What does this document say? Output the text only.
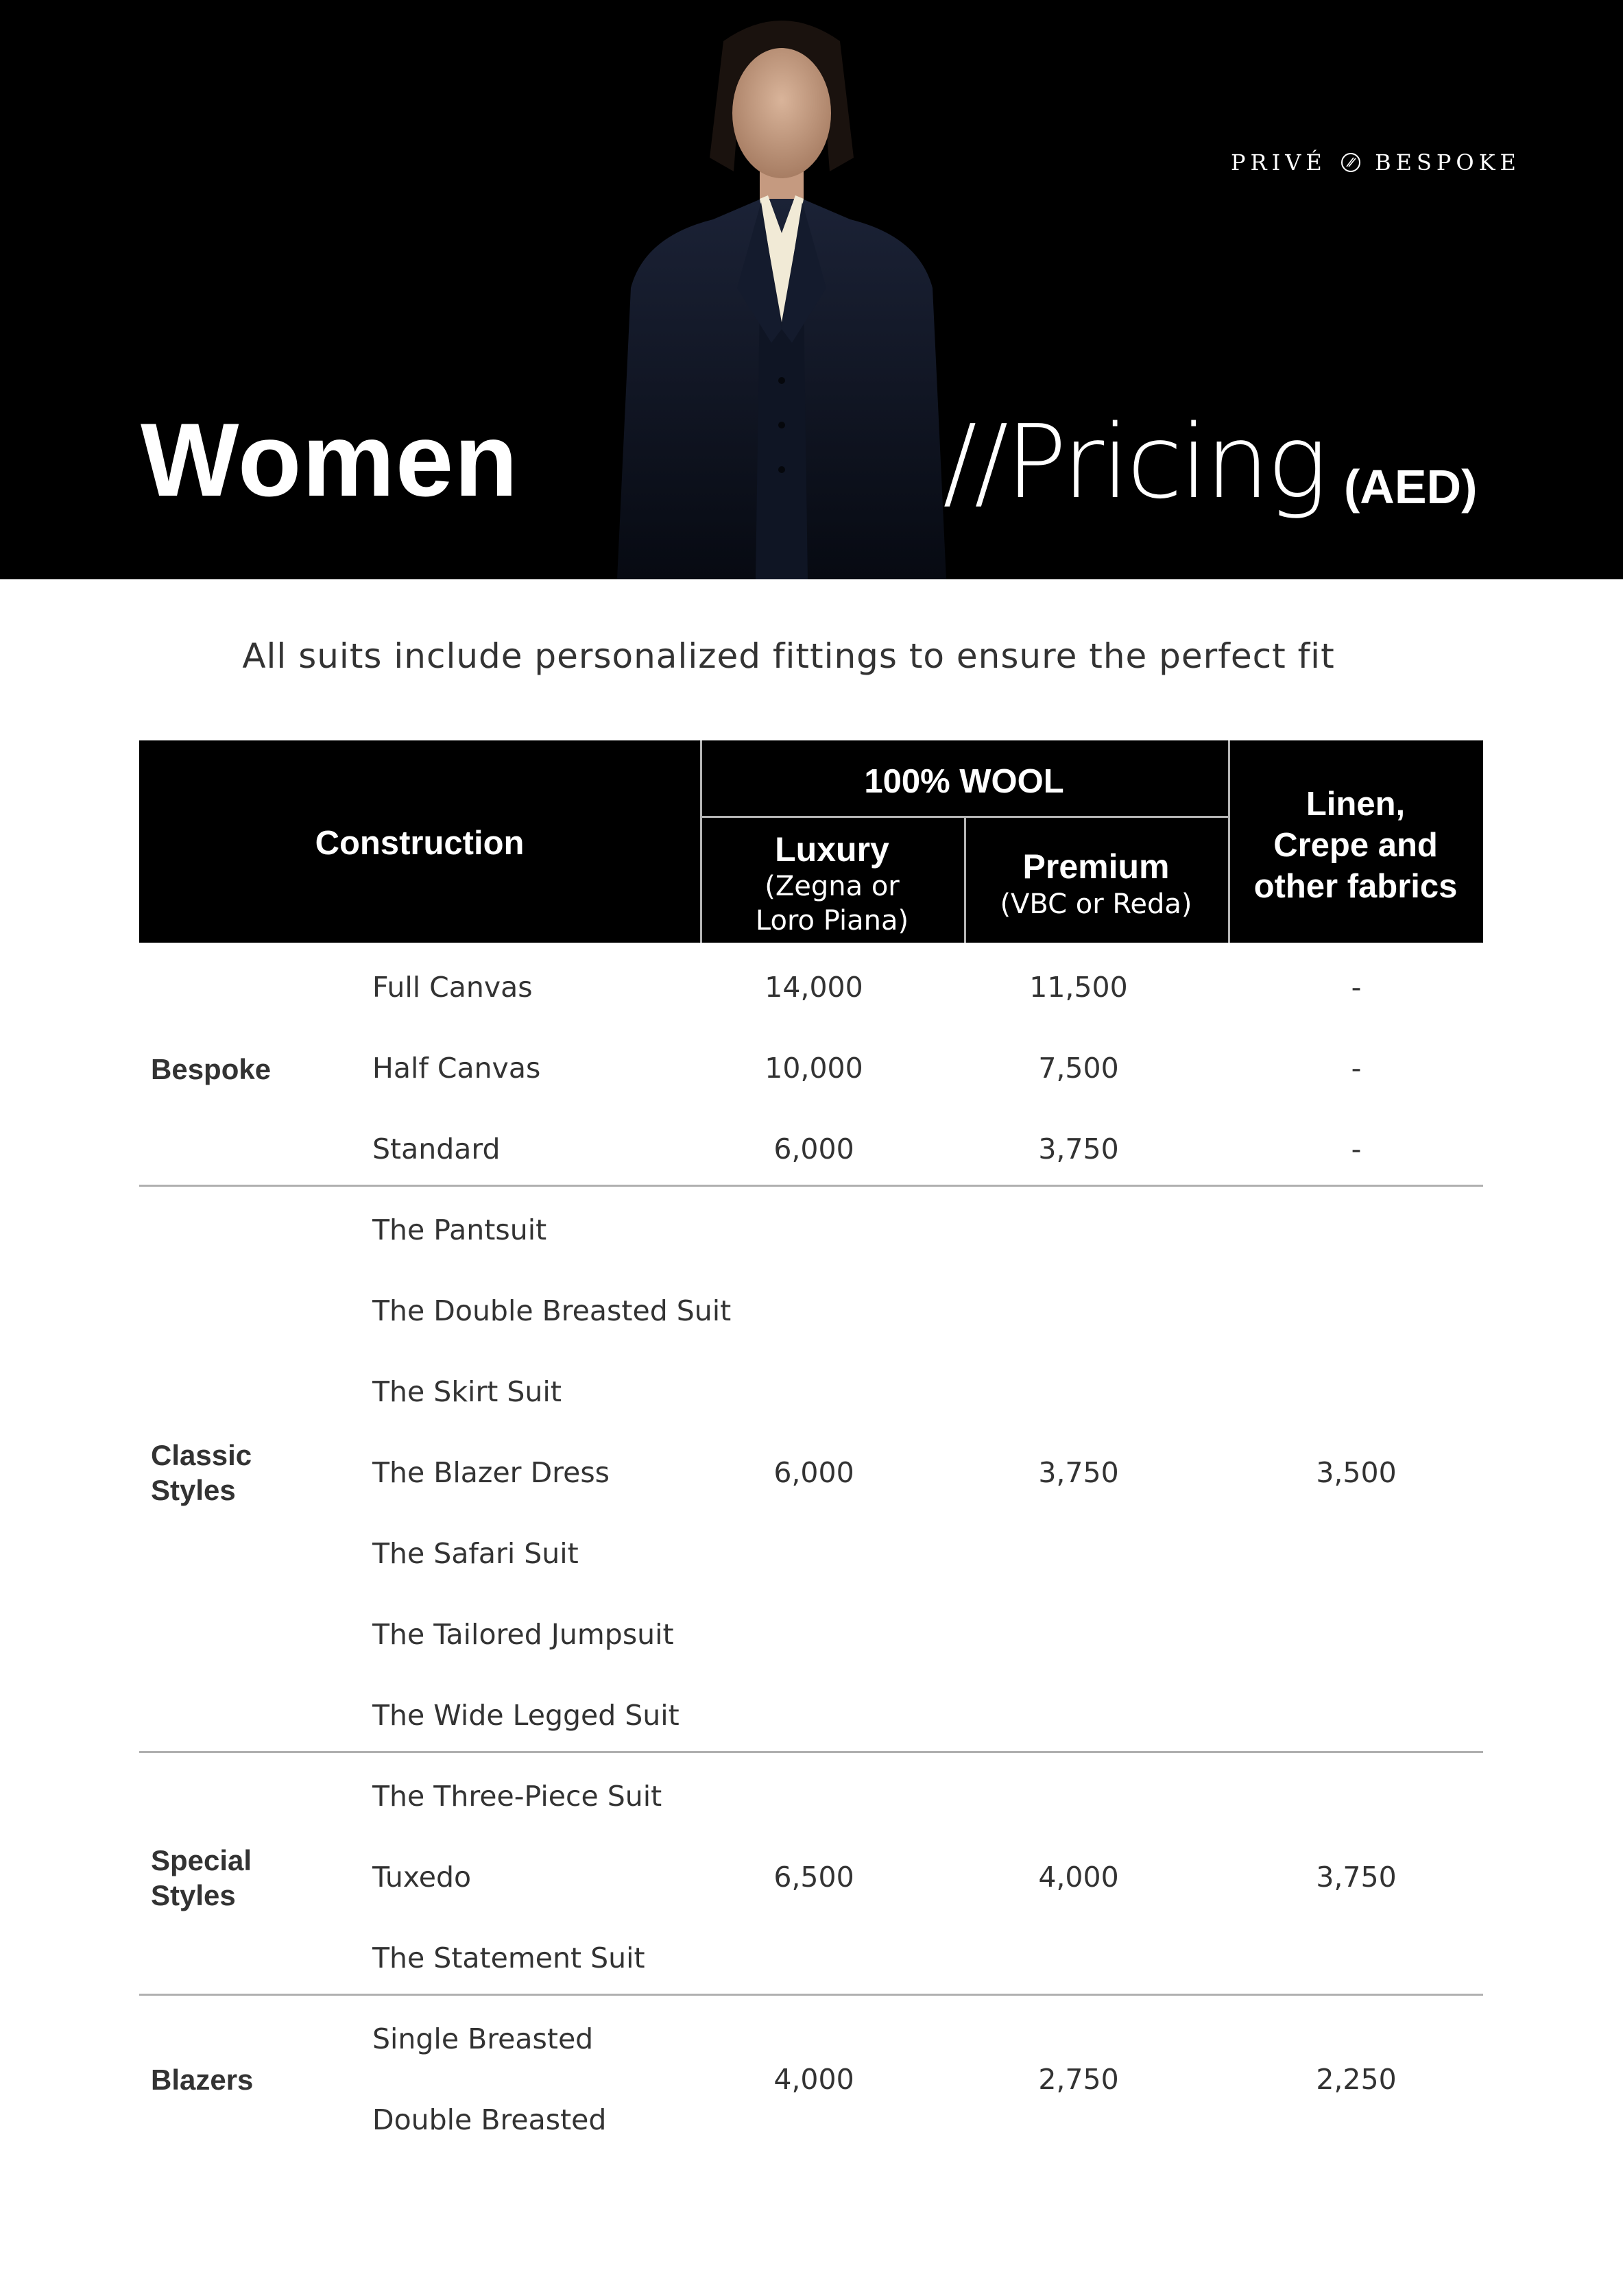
PRIVÉ BESPOKE
Women	//Pricing (AED)
All suits include personalized fittings to ensure the perfect fit
Construction
100% WOOL
Luxury
(Zegna or
Loro Piana)
Premium
(VBC or Reda)
Linen,
Crepe and
other fabrics
Bespoke
Full Canvas	14,000	11,500	-
Half Canvas	10,000	7,500	-
Standard	6,000	3,750	-
Classic
Styles
The Pantsuit
The Double Breasted Suit
The Skirt Suit
The Blazer Dress
The Safari Suit
The Tailored Jumpsuit
The Wide Legged Suit
6,000	3,750	3,500
Special
Styles
The Three-Piece Suit
Tuxedo
The Statement Suit
6,500	4,000	3,750
Blazers
Single Breasted
Double Breasted
4,000	2,750	2,250
